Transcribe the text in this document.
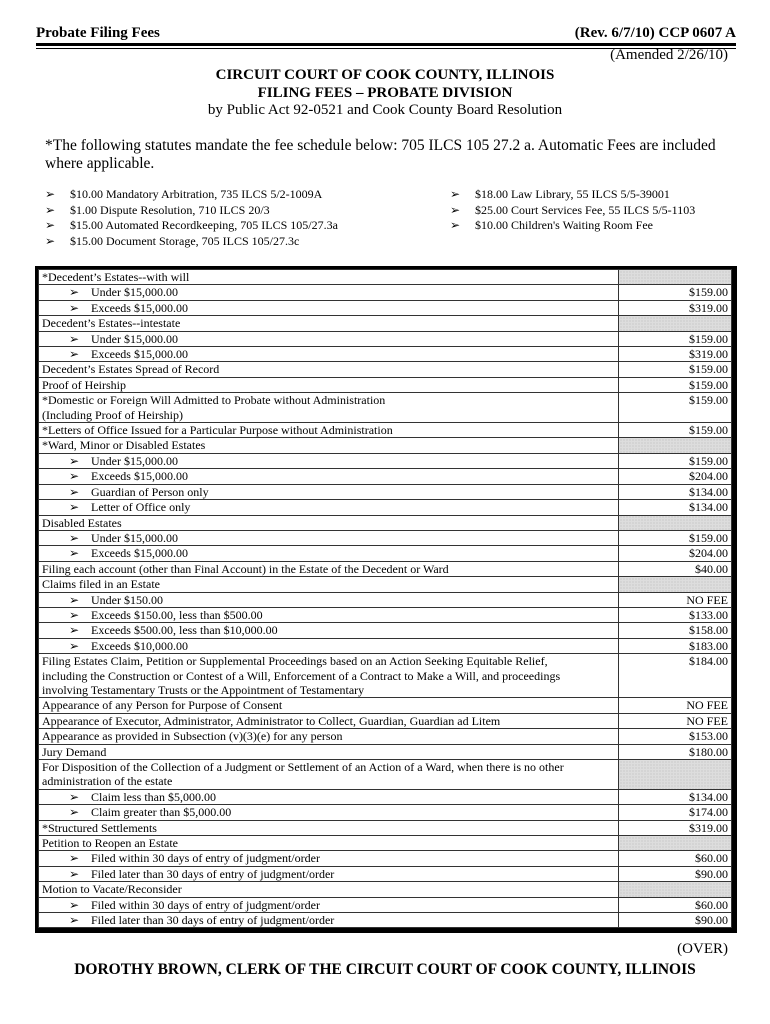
Probate Filing Fees	(Rev. 6/7/10) CCP 0607 A
(Amended 2/26/10)
CIRCUIT COURT OF COOK COUNTY, ILLINOIS
FILING FEES – PROBATE DIVISION
by Public Act 92-0521 and Cook County Board Resolution
*The following statutes mandate the fee schedule below: 705 ILCS 105 27.2 a. Automatic Fees are included where applicable.
➢	$10.00 Mandatory Arbitration, 735 ILCS 5/2-1009A
➢	$1.00 Dispute Resolution, 710 ILCS 20/3
➢	$15.00 Automated Recordkeeping, 705 ILCS 105/27.3a
➢	$15.00 Document Storage, 705 ILCS 105/27.3c
➢	$18.00 Law Library, 55 ILCS 5/5-39001
➢	$25.00 Court Services Fee, 55 ILCS 5/5-1103
➢	$10.00 Children's Waiting Room Fee
*Decedent’s Estates--with will	
➢ Under $15,000.00	$159.00
➢ Exceeds $15,000.00	$319.00
Decedent’s Estates--intestate	
➢ Under $15,000.00	$159.00
➢ Exceeds $15,000.00	$319.00
Decedent’s Estates Spread of Record	$159.00
Proof of Heirship	$159.00
*Domestic or Foreign Will Admitted to Probate without Administration
(Including Proof of Heirship)	$159.00
*Letters of Office Issued for a Particular Purpose without Administration	$159.00
*Ward, Minor or Disabled Estates	
➢ Under $15,000.00	$159.00
➢ Exceeds $15,000.00	$204.00
➢ Guardian of Person only	$134.00
➢ Letter of Office only	$134.00
Disabled Estates	
➢ Under $15,000.00	$159.00
➢ Exceeds $15,000.00	$204.00
Filing each account (other than Final Account) in the Estate of the Decedent or Ward	$40.00
Claims filed in an Estate	
➢ Under $150.00	NO FEE
➢ Exceeds $150.00, less than $500.00	$133.00
➢ Exceeds $500.00, less than $10,000.00	$158.00
➢ Exceeds $10,000.00	$183.00
Filing Estates Claim, Petition or Supplemental Proceedings based on an Action Seeking Equitable Relief,
including the Construction or Contest of a Will, Enforcement of a Contract to Make a Will, and proceedings
involving Testamentary Trusts or the Appointment of Testamentary	$184.00
Appearance of any Person for Purpose of Consent	NO FEE
Appearance of Executor, Administrator, Administrator to Collect, Guardian, Guardian ad Litem	NO FEE
Appearance as provided in Subsection (v)(3)(e) for any person	$153.00
Jury Demand	$180.00
For Disposition of the Collection of a Judgment or Settlement of an Action of a Ward, when there is no other
administration of the estate	
➢ Claim less than $5,000.00	$134.00
➢ Claim greater than $5,000.00	$174.00
*Structured Settlements	$319.00
Petition to Reopen an Estate	
➢ Filed within 30 days of entry of judgment/order	$60.00
➢ Filed later than 30 days of entry of judgment/order	$90.00
Motion to Vacate/Reconsider	
➢ Filed within 30 days of entry of judgment/order	$60.00
➢ Filed later than 30 days of entry of judgment/order	$90.00
(OVER)
DOROTHY BROWN, CLERK OF THE CIRCUIT COURT OF COOK COUNTY, ILLINOIS
